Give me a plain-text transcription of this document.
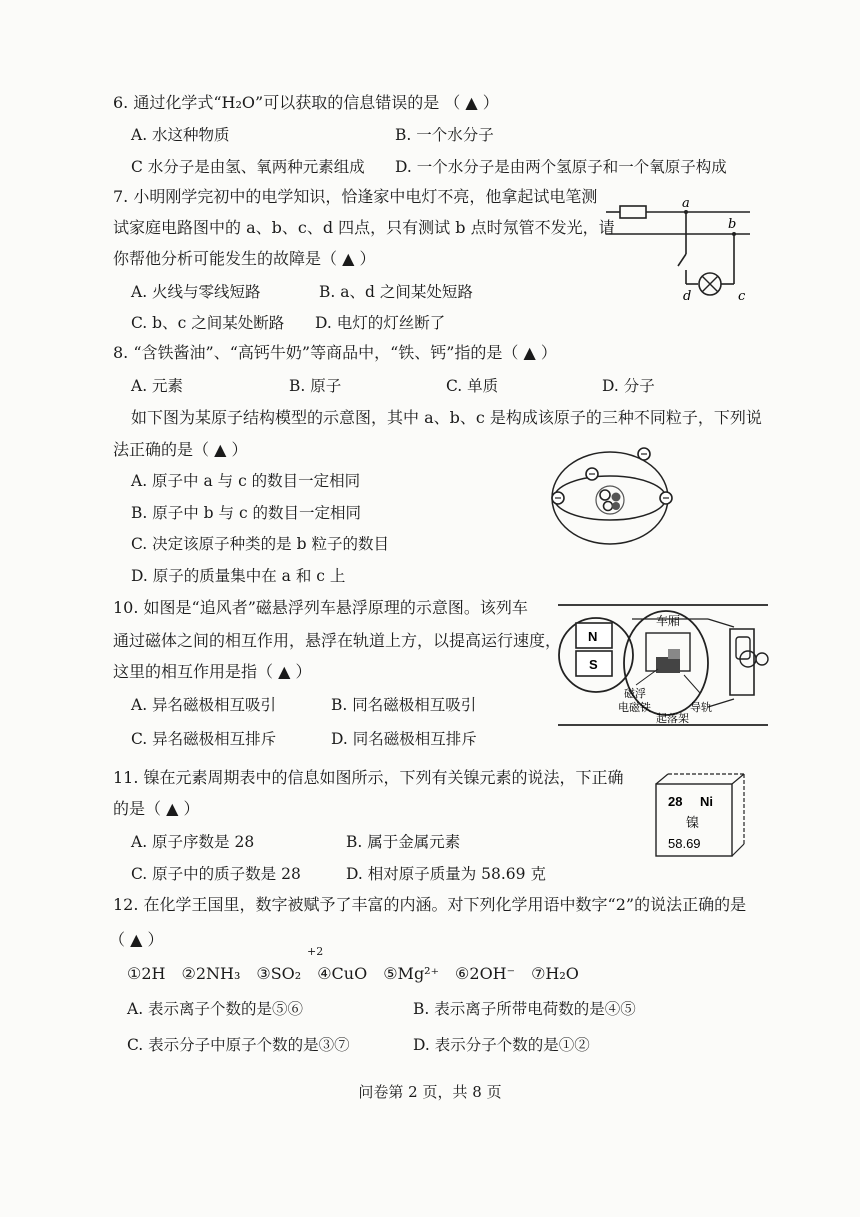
6. 通过化学式“H₂O”可以获取的信息错误的是 （ ▲ ）
A. 水这种物质	B. 一个水分子
C 水分子是由氢、氧两种元素组成 D. 一个水分子是由两个氢原子和一个氧原子构成
7. 小明刚学完初中的电学知识，恰逢家中电灯不亮，他拿起试电笔测
试家庭电路图中的 a、b、c、d 四点，只有测试 b 点时氖管不发光，请
你帮他分析可能发生的故障是（ ▲ ）
A. 火线与零线短路	B. a、d 之间某处短路
C. b、c 之间某处断路 D. 电灯的灯丝断了
a
b
c
d
8. “含铁酱油”、“高钙牛奶”等商品中，“铁、钙”指的是（ ▲ ）
A. 元素	B. 原子	C. 单质	D. 分子
如下图为某原子结构模型的示意图，其中 a、b、c 是构成该原子的三种不同粒子，下列说
法正确的是（ ▲ ）
A. 原子中 a 与 c 的数目一定相同
B. 原子中 b 与 c 的数目一定相同
C. 决定该原子种类的是 b 粒子的数目
D. 原子的质量集中在 a 和 c 上
10. 如图是“追风者”磁悬浮列车悬浮原理的示意图。该列车
通过磁体之间的相互作用，悬浮在轨道上方，以提高运行速度，
这里的相互作用是指（ ▲ ）
A. 异名磁极相互吸引	B. 同名磁极相互吸引
C. 异名磁极相互排斥	D. 同名磁极相互排斥
N
S
车厢
磁浮
电磁铁	导轨
起落架
11. 镍在元素周期表中的信息如图所示，下列有关镍元素的说法，下正确
的是（ ▲ ）
A. 原子序数是 28	B. 属于金属元素
C. 原子中的质子数是 28	D. 相对原子质量为 58.69 克
28 Ni
镍
58.69
12. 在化学王国里，数字被赋予了丰富的内涵。对下列化学用语中数字“2”的说法正确的是
（ ▲ ）
+2
①2H　②2NH₃　③SO₂　④CuO　⑤Mg²⁺　⑥2OH⁻　⑦H₂O
A. 表示离子个数的是⑤⑥	B. 表示离子所带电荷数的是④⑤
C. 表示分子中原子个数的是③⑦	D. 表示分子个数的是①②
问卷第 2 页，共 8 页
